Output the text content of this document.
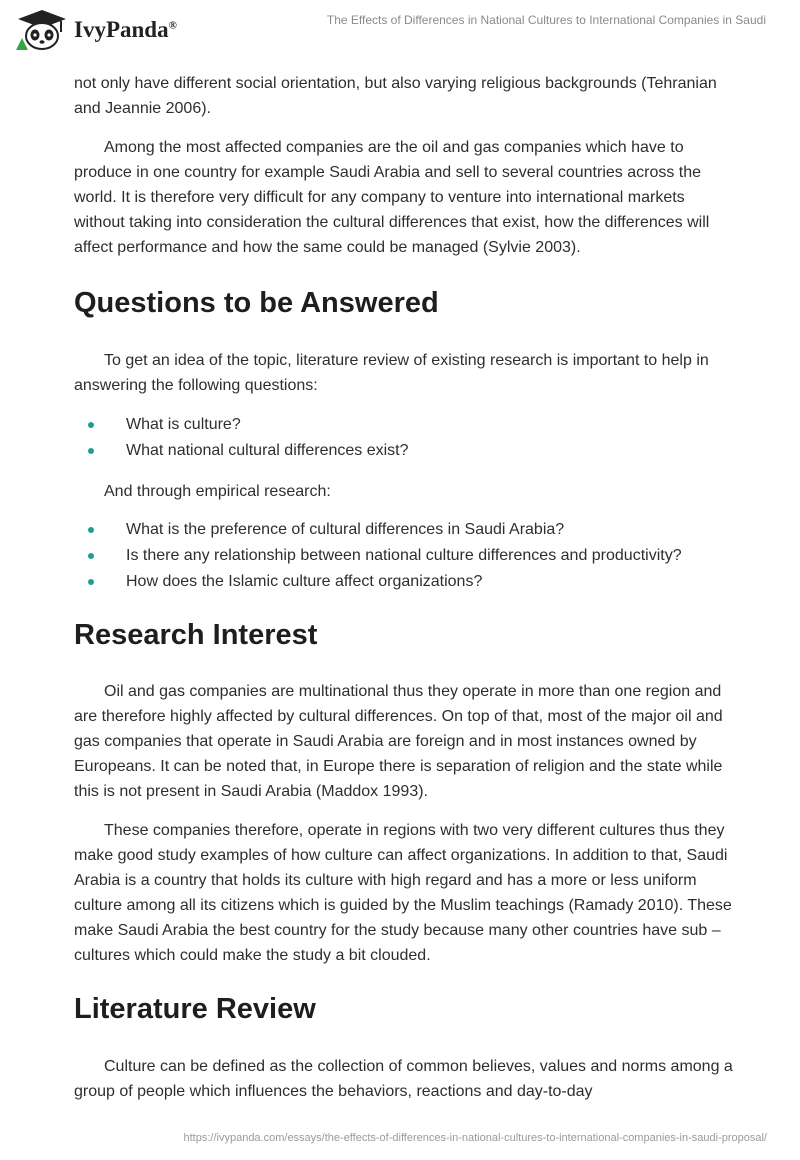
IvyPanda®	The Effects of Differences in National Cultures to International Companies in Saudi

not only have different social orientation, but also varying religious backgrounds (Tehranian and Jeannie 2006).

Among the most affected companies are the oil and gas companies which have to produce in one country for example Saudi Arabia and sell to several countries across the world. It is therefore very difficult for any company to venture into international markets without taking into consideration the cultural differences that exist, how the differences will affect performance and how the same could be managed (Sylvie 2003).

Questions to be Answered

To get an idea of the topic, literature review of existing research is important to help in answering the following questions:

What is culture?
What national cultural differences exist?

And through empirical research:

What is the preference of cultural differences in Saudi Arabia?
Is there any relationship between national culture differences and productivity?
How does the Islamic culture affect organizations?
Research Interest

Oil and gas companies are multinational thus they operate in more than one region and are therefore highly affected by cultural differences. On top of that, most of the major oil and gas companies that operate in Saudi Arabia are foreign and in most instances owned by Europeans. It can be noted that, in Europe there is separation of religion and the state while this is not present in Saudi Arabia (Maddox 1993).

These companies therefore, operate in regions with two very different cultures thus they make good study examples of how culture can affect organizations. In addition to that, Saudi Arabia is a country that holds its culture with high regard and has a more or less uniform culture among all its citizens which is guided by the Muslim teachings (Ramady 2010). These make Saudi Arabia the best country for the study because many other countries have sub –cultures which could make the study a bit clouded.

Literature Review

Culture can be defined as the collection of common believes, values and norms among a group of people which influences the behaviors, reactions and day-to-day

https://ivypanda.com/essays/the-effects-of-differences-in-national-cultures-to-international-companies-in-saudi-proposal/
